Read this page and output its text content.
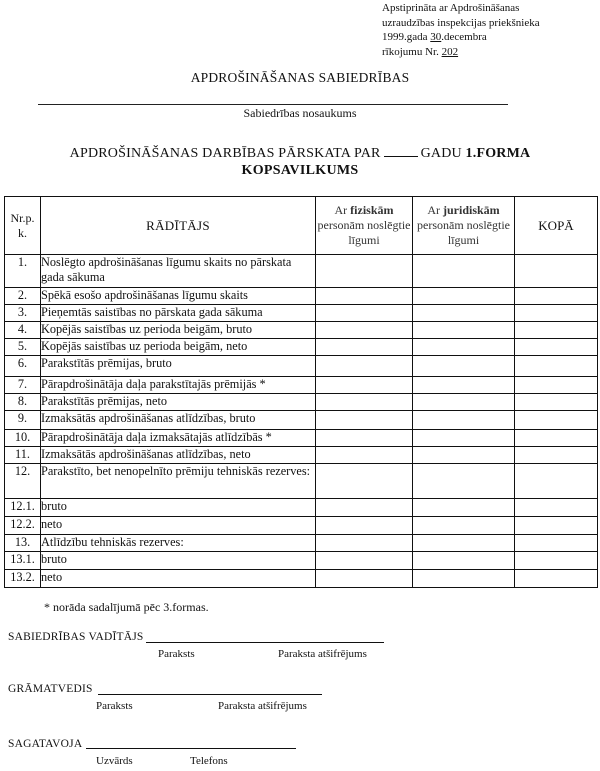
Apstiprināta ar Apdrošināšanas
uzraudzības inspekcijas priekšnieka
1999.gada 30.decembra
rīkojumu Nr. 202
APDROŠINĀŠANAS SABIEDRĪBAS
Sabiedrības nosaukums
APDROŠINĀŠANAS DARBĪBAS PĀRSKATA PAR	GADU 1.FORMA
KOPSAVILKUMS
Nr.p. k.	RĀDĪTĀJS	Ar fiziskām personām noslēgtie līgumi	Ar juridiskām personām noslēgtie līgumi	KOPĀ
1.	Noslēgto apdrošināšanas līgumu skaits no pārskata gada sākuma			
2.	Spēkā esošo apdrošināšanas līgumu skaits			
3.	Pieņemtās saistības no pārskata gada sākuma			
4.	Kopējās saistības uz perioda beigām, bruto			
5.	Kopējās saistības uz perioda beigām, neto			
6.	Parakstītās prēmijas, bruto			
7.	Pārapdrošinātāja daļa parakstītajās prēmijās *			
8.	Parakstītās prēmijas, neto			
9.	Izmaksātās apdrošināšanas atlīdzības, bruto			
10.	Pārapdrošinātāja daļa izmaksātajās atlīdzībās *			
11.	Izmaksātās apdrošināšanas atlīdzības, neto			
12.	Parakstīto, bet nenopelnīto prēmiju tehniskās rezerves:			
12.1.	bruto			
12.2.	neto			
13.	Atlīdzību tehniskās rezerves:			
13.1.	bruto			
13.2.	neto			
* norāda sadalījumā pēc 3.formas.
SABIEDRĪBAS VADĪTĀJS
Paraksts	Paraksta atšifrējums
GRĀMATVEDIS
Paraksts	Paraksta atšifrējums
SAGATAVOJA
Uzvārds	Telefons
